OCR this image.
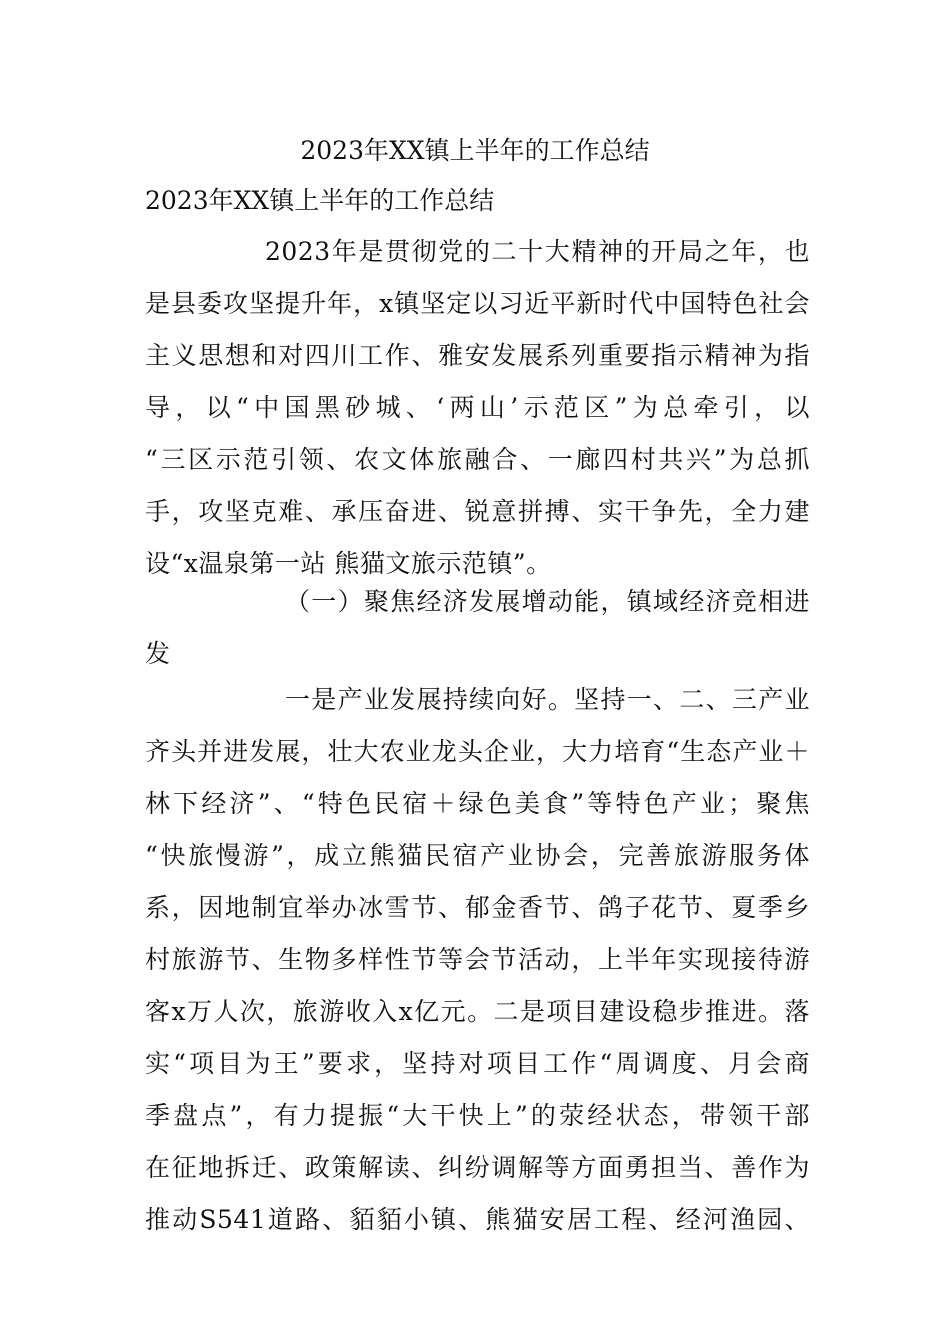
2023年XX镇上半年的工作总结
2023年XX镇上半年的工作总结
2023年是贯彻党的二十大精神的开局之年，也
是县委攻坚提升年，x镇坚定以习近平新时代中国特色社会
主义思想和对四川工作、雅安发展系列重要指示精神为指
导，以“中国黑砂城、‘两山’示范区”为总牵引，以
“三区示范引领、农文体旅融合、一廊四村共兴”为总抓
手，攻坚克难、承压奋进、锐意拼搏、实干争先，全力建
设“x温泉第一站 熊猫文旅示范镇”。
（一）聚焦经济发展增动能，镇域经济竞相进
发
一是产业发展持续向好。坚持一、二、三产业
齐头并进发展，壮大农业龙头企业，大力培育“生态产业＋
林下经济”、“特色民宿＋绿色美食”等特色产业；聚焦
“快旅慢游”，成立熊猫民宿产业协会，完善旅游服务体
系，因地制宜举办冰雪节、郁金香节、鸽子花节、夏季乡
村旅游节、生物多样性节等会节活动，上半年实现接待游
客x万人次，旅游收入x亿元。二是项目建设稳步推进。落
实“项目为王”要求，坚持对项目工作“周调度、月会商
季盘点”，有力提振“大干快上”的荥经状态，带领干部
在征地拆迁、政策解读、纠纷调解等方面勇担当、善作为
推动S541道路、貊貊小镇、熊猫安居工程、经河渔园、
